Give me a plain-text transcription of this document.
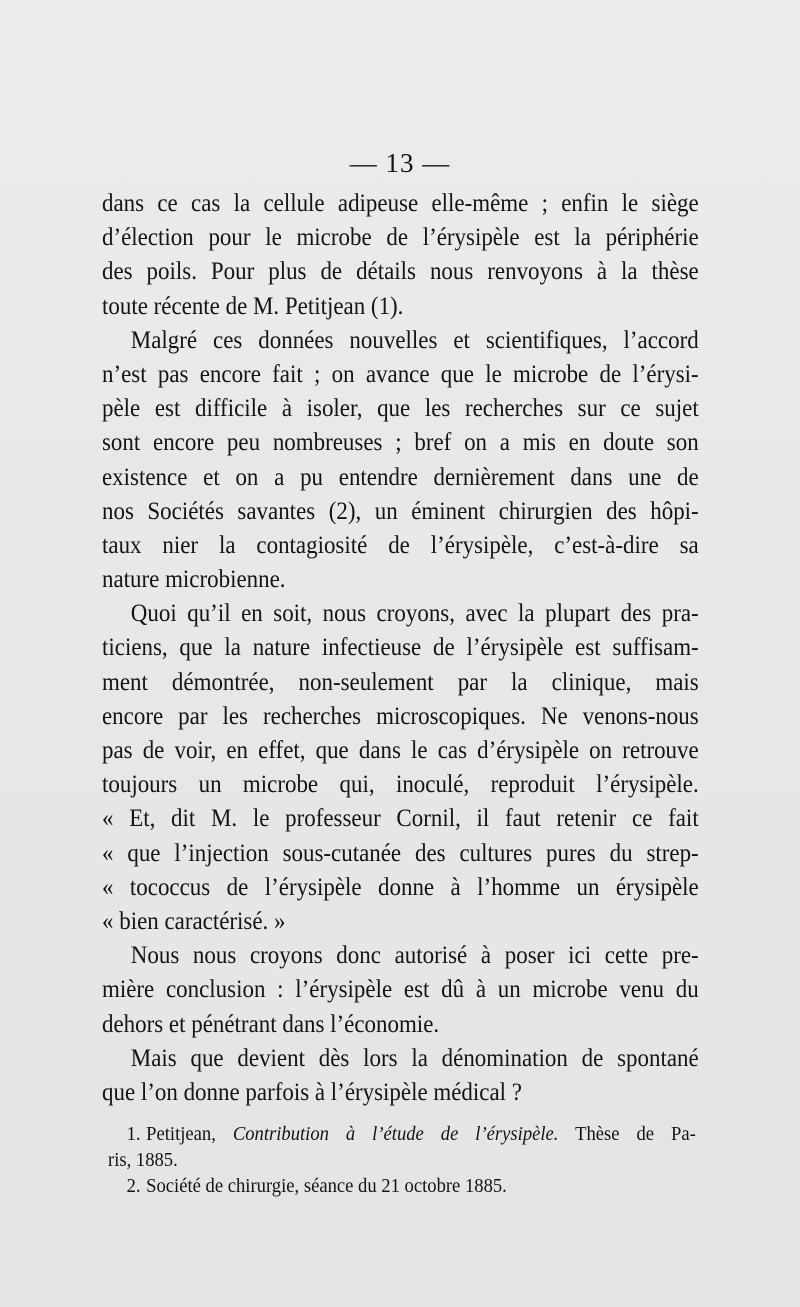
— 13 —
dans ce cas la cellule adipeuse elle-même ; enfin le siège
d’élection pour le microbe de l’érysipèle est la périphérie
des poils. Pour plus de détails nous renvoyons à la thèse
toute récente de M. Petitjean (1).
Malgré ces données nouvelles et scientifiques, l’accord
n’est pas encore fait ; on avance que le microbe de l’érysi-
pèle est difficile à isoler, que les recherches sur ce sujet
sont encore peu nombreuses ; bref on a mis en doute son
existence et on a pu entendre dernièrement dans une de
nos Sociétés savantes (2), un éminent chirurgien des hôpi-
taux nier la contagiosité de l’érysipèle, c’est-à-dire sa
nature microbienne.
Quoi qu’il en soit, nous croyons, avec la plupart des pra-
ticiens, que la nature infectieuse de l’érysipèle est suffisam-
ment démontrée, non-seulement par la clinique, mais
encore par les recherches microscopiques. Ne venons-nous
pas de voir, en effet, que dans le cas d’érysipèle on retrouve
toujours un microbe qui, inoculé, reproduit l’érysipèle.
« Et, dit M. le professeur Cornil, il faut retenir ce fait
« que l’injection sous-cutanée des cultures pures du strep-
« tococcus de l’érysipèle donne à l’homme un érysipèle
« bien caractérisé. »
Nous nous croyons donc autorisé à poser ici cette pre-
mière conclusion : l’érysipèle est dû à un microbe venu du
dehors et pénétrant dans l’économie.
Mais que devient dès lors la dénomination de spontané
que l’on donne parfois à l’érysipèle médical ?
1. Petitjean, Contribution à l’étude de l’érysipèle. Thèse de Pa-
ris, 1885.
2. Société de chirurgie, séance du 21 octobre 1885.
